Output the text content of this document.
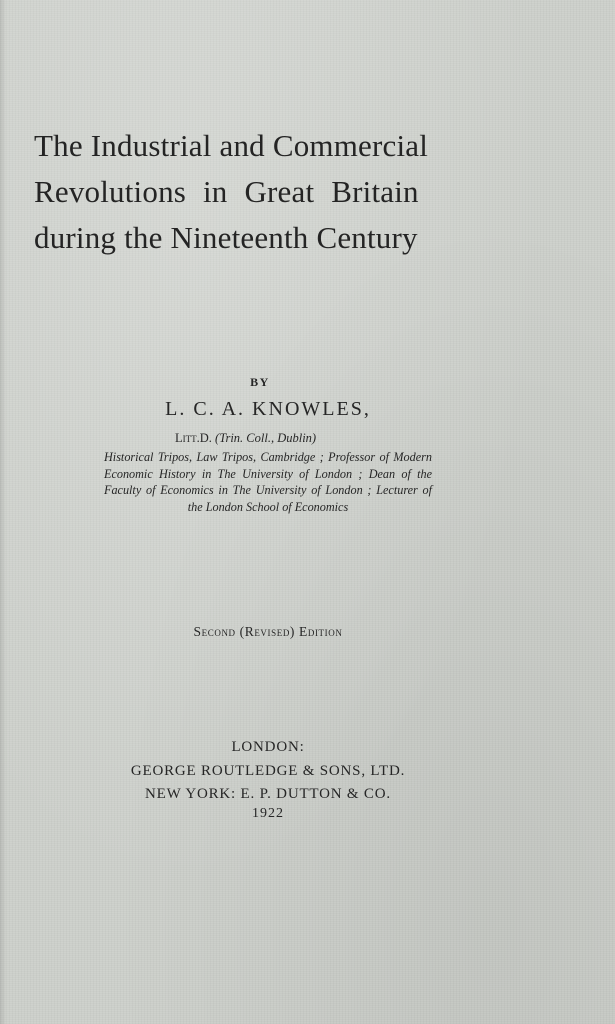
The Industrial and Commercial
Revolutions in Great Britain
during the Nineteenth Century
BY
L. C. A. KNOWLES,
Litt.D. (Trin. Coll., Dublin)
Historical Tripos, Law Tripos, Cambridge ; Professor of Modern Economic History in The University of London ; Dean of the Faculty of Economics in The University of London ; Lecturer of the London School of Economics
Second (Revised) Edition
LONDON:
GEORGE ROUTLEDGE & SONS, LTD.
NEW YORK: E. P. DUTTON & CO.
1922
